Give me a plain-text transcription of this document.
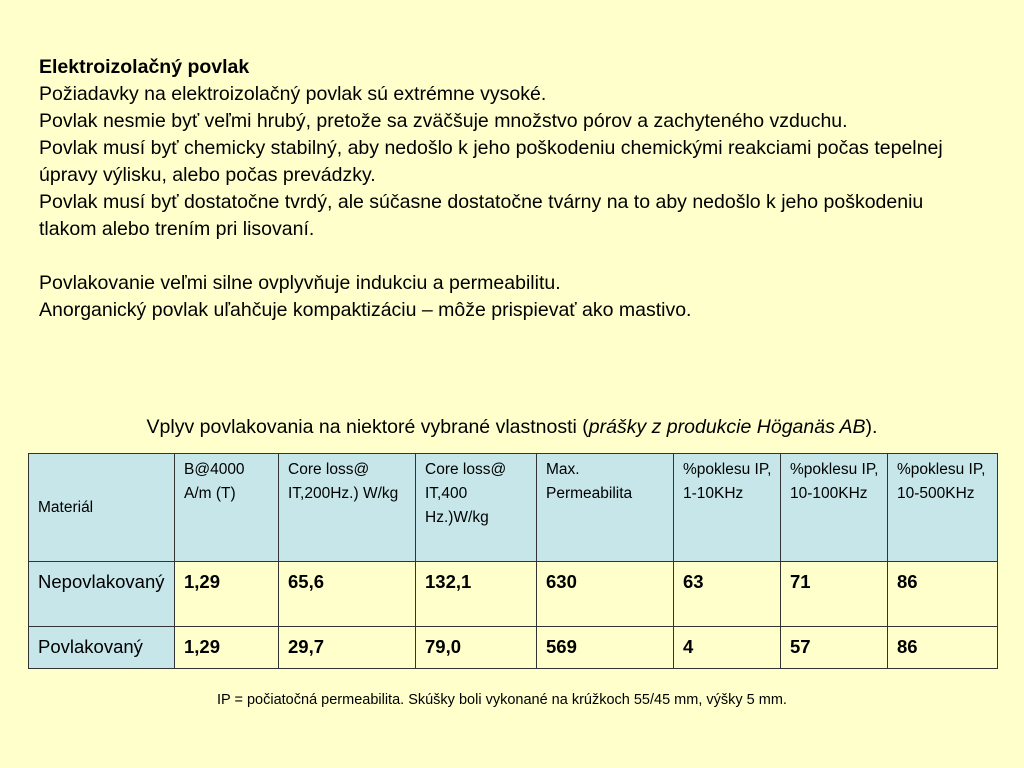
Elektroizolačný povlak
Požiadavky na elektroizolačný povlak sú extrémne vysoké.
Povlak nesmie byť veľmi hrubý, pretože sa zväčšuje množstvo pórov a zachyteného vzduchu.
Povlak musí byť chemicky stabilný, aby nedošlo k jeho poškodeniu chemickými reakciami počas tepelnej úpravy výlisku, alebo počas prevádzky.
Povlak musí byť dostatočne tvrdý, ale súčasne dostatočne tvárny na to aby nedošlo k jeho poškodeniu tlakom alebo trením pri lisovaní.
Povlakovanie veľmi silne ovplyvňuje indukciu a permeabilitu.
Anorganický povlak uľahčuje kompaktizáciu – môže prispievať ako mastivo.
Vplyv povlakovania na niektoré vybrané vlastnosti (prášky z produkcie Höganäs AB).
Materiál	B@4000 A/m (T)	Core loss@ IT,200Hz.) W/kg	Core loss@ IT,400 Hz.)W/kg	Max. Permeabilita	%poklesu IP, 1-10KHz	%poklesu IP, 10-100KHz	%poklesu IP, 10-500KHz
Nepovlakovaný	1,29	65,6	132,1	630	63	71	86
Povlakovaný	1,29	29,7	79,0	569	4	57	86
IP = počiatočná permeabilita. Skúšky boli vykonané na krúžkoch 55/45 mm, výšky 5 mm.
